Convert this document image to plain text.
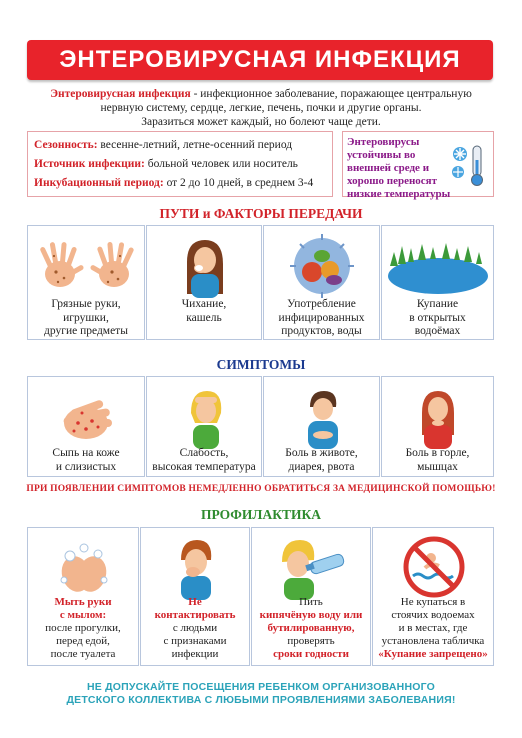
ЭНТЕРОВИРУСНАЯ ИНФЕКЦИЯ
Энтеровирусная инфекция - инфекционное заболевание, поражающее центральную нервную систему, сердце, легкие, печень, почки и другие органы.
Заразиться может каждый, но болеют чаще дети.
Сезонность: весенне-летний, летне-осенний период
Источник инфекции: больной человек или носитель
Инкубационный период: от 2 до 10 дней, в среднем 3-4
Энтеровирусы устойчивы во внешней среде и хорошо переносят низкие температуры
ПУТИ и ФАКТОРЫ ПЕРЕДАЧИ
Грязные руки,
игрушки,
другие предметы
Чихание,
кашель
Употребление
инфицированных
продуктов, воды
Купание
в открытых
водоёмах
СИМПТОМЫ
Сыпь на коже
и слизистых
Слабость,
высокая температура
Боль в животе,
диарея, рвота
Боль в горле,
мышцах
ПРИ ПОЯВЛЕНИИ СИМПТОМОВ НЕМЕДЛЕННО ОБРАТИТЬСЯ ЗА МЕДИЦИНСКОЙ ПОМОЩЬЮ!
ПРОФИЛАКТИКА
Мыть руки
с мылом:
после прогулки,
перед едой,
после туалета
Не
контактировать
с людьми
с признаками
инфекции
Пить
кипячёную воду или
бутилированную,
проверять
сроки годности
Не купаться в
стоячих водоемах
и в местах, где
установлена табличка
«Купание запрещено»
НЕ ДОПУСКАЙТЕ ПОСЕЩЕНИЯ РЕБЕНКОМ ОРГАНИЗОВАННОГО
ДЕТСКОГО КОЛЛЕКТИВА С ЛЮБЫМИ ПРОЯВЛЕНИЯМИ ЗАБОЛЕВАНИЯ!
